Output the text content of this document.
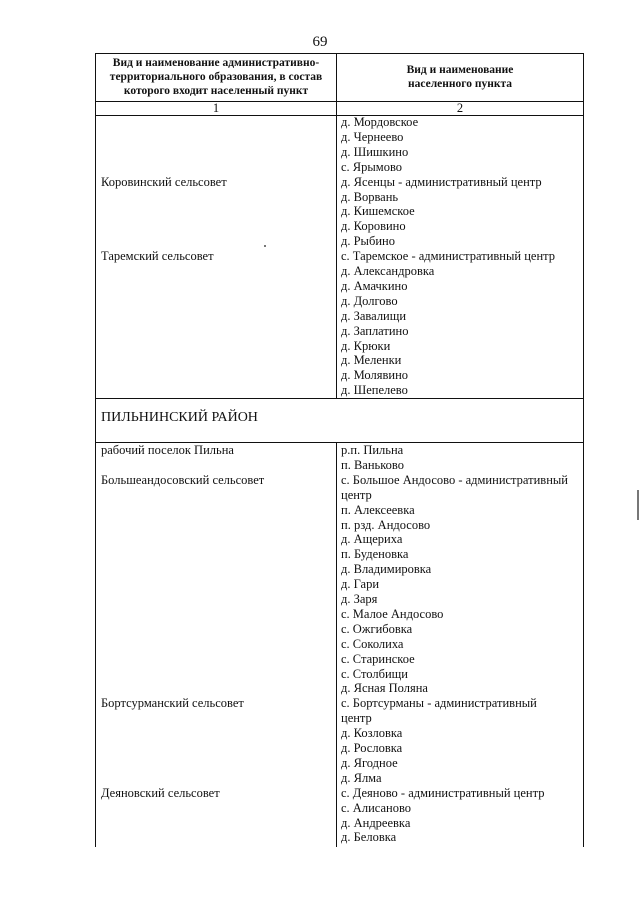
69
Вид и наименование административно-
территориального образования, в состав
которого входит населенный пункт
Вид и наименование
населенного пункта
1	2
ПИЛЬНИНСКИЙ РАЙОН
д. Мордовское
д. Чернеево
д. Шишкино
с. Ярымово
д. Ясенцы - административный центр
д. Ворвань
д. Кишемское
д. Коровино
д. Рыбино
с. Таремское - административный центр
д. Александровка
д. Амачкино
д. Долгово
д. Завалищи
д. Заплатино
д. Крюки
д. Меленки
д. Молявино
д. Шепелево
Коровинский сельсовет
Таремский сельсовет
р.п. Пильна
п. Ваньково
с. Большое Андосово - административный
центр
п. Алексеевка
п. рзд. Андосово
д. Ащериха
п. Буденовка
д. Владимировка
д. Гари
д. Заря
с. Малое Андосово
с. Ожгибовка
с. Соколиха
с. Старинское
с. Столбищи
д. Ясная Поляна
с. Бортсурманы - административный
центр
д. Козловка
д. Рословка
д. Ягодное
д. Ялма
с. Деяново - административный центр
с. Алисаново
д. Андреевка
д. Беловка
рабочий поселок Пильна
Большеандосовский сельсовет
Бортсурманский сельсовет
Деяновский сельсовет
